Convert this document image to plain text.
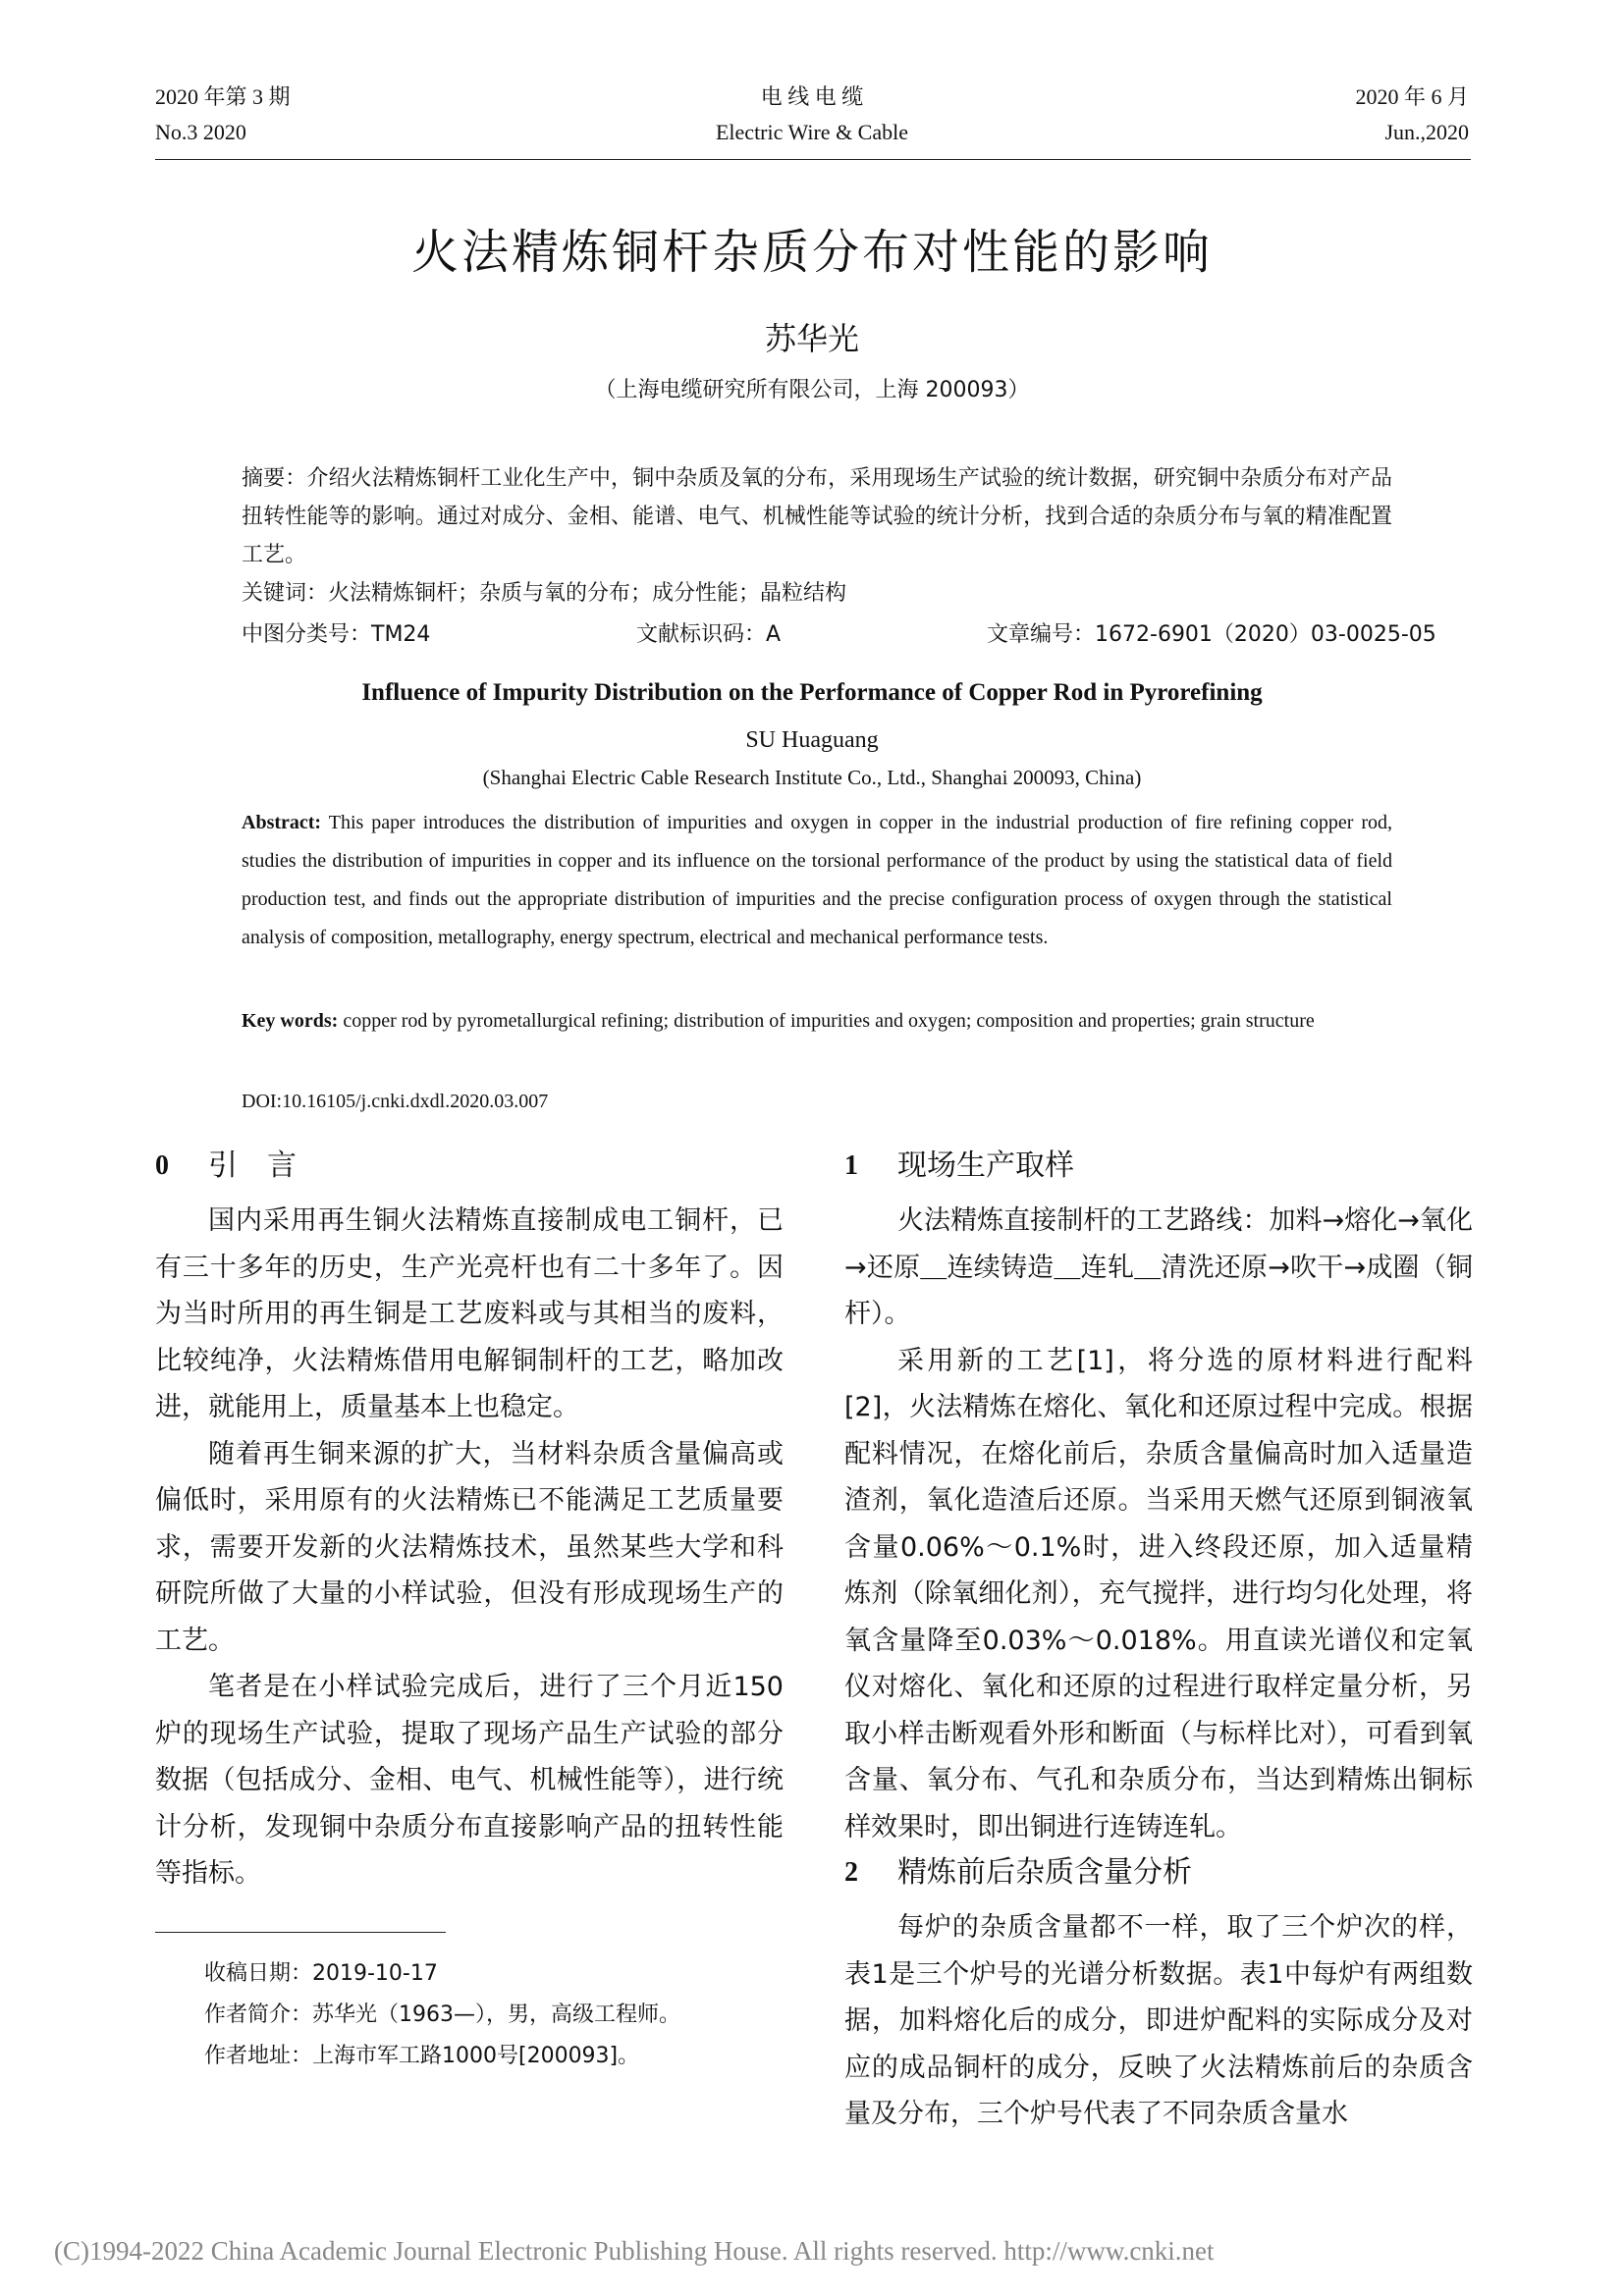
2020 年第 3 期
No.3 2020
电 线 电 缆
Electric Wire & Cable
2020 年 6 月
Jun.,2020
火法精炼铜杆杂质分布对性能的影响
苏华光
（上海电缆研究所有限公司，上海 200093）
摘要：介绍火法精炼铜杆工业化生产中，铜中杂质及氧的分布，采用现场生产试验的统计数据，研究铜中杂质分布对产品扭转性能等的影响。通过对成分、金相、能谱、电气、机械性能等试验的统计分析，找到合适的杂质分布与氧的精准配置工艺。
关键词：火法精炼铜杆；杂质与氧的分布；成分性能；晶粒结构
中图分类号：TM24	文献标识码：A	文章编号：1672-6901（2020）03-0025-05
Influence of Impurity Distribution on the Performance of Copper Rod in Pyrorefining
SU Huaguang
(Shanghai Electric Cable Research Institute Co., Ltd., Shanghai 200093, China)
Abstract: This paper introduces the distribution of impurities and oxygen in copper in the industrial production of fire refining copper rod, studies the distribution of impurities in copper and its influence on the torsional performance of the product by using the statistical data of field production test, and finds out the appropriate distribution of impurities and the precise configuration process of oxygen through the statistical analysis of composition, metallography, energy spectrum, electrical and mechanical performance tests.
Key words: copper rod by pyrometallurgical refining; distribution of impurities and oxygen; composition and properties; grain structure
DOI:10.16105/j.cnki.dxdl.2020.03.007
0 引　言

国内采用再生铜火法精炼直接制成电工铜杆，已有三十多年的历史，生产光亮杆也有二十多年了。因为当时所用的再生铜是工艺废料或与其相当的废料，比较纯净，火法精炼借用电解铜制杆的工艺，略加改进，就能用上，质量基本上也稳定。

随着再生铜来源的扩大，当材料杂质含量偏高或偏低时，采用原有的火法精炼已不能满足工艺质量要求，需要开发新的火法精炼技术，虽然某些大学和科研院所做了大量的小样试验，但没有形成现场生产的工艺。

笔者是在小样试验完成后，进行了三个月近150炉的现场生产试验，提取了现场产品生产试验的部分数据（包括成分、金相、电气、机械性能等），进行统计分析，发现铜中杂质分布直接影响产品的扭转性能等指标。

收稿日期：2019-10-17
作者简介：苏华光（1963—），男，高级工程师。
作者地址：上海市军工路1000号[200093]。
1 现场生产取样

火法精炼直接制杆的工艺路线：加料→熔化→氧化→还原＿连续铸造＿连轧＿清洗还原→吹干→成圈（铜杆）。

采用新的工艺[1]，将分选的原材料进行配料[2]，火法精炼在熔化、氧化和还原过程中完成。根据配料情况，在熔化前后，杂质含量偏高时加入适量造渣剂，氧化造渣后还原。当采用天燃气还原到铜液氧含量0.06%～0.1%时，进入终段还原，加入适量精炼剂（除氧细化剂），充气搅拌，进行均匀化处理，将氧含量降至0.03%～0.018%。用直读光谱仪和定氧仪对熔化、氧化和还原的过程进行取样定量分析，另取小样击断观看外形和断面（与标样比对），可看到氧含量、氧分布、气孔和杂质分布，当达到精炼出铜标样效果时，即出铜进行连铸连轧。

2 精炼前后杂质含量分析

每炉的杂质含量都不一样，取了三个炉次的样，表1是三个炉号的光谱分析数据。表1中每炉有两组数据，加料熔化后的成分，即进炉配料的实际成分及对应的成品铜杆的成分，反映了火法精炼前后的杂质含量及分布，三个炉号代表了不同杂质含量水

(C)1994-2022 China Academic Journal Electronic Publishing House. All rights reserved. http://www.cnki.net
